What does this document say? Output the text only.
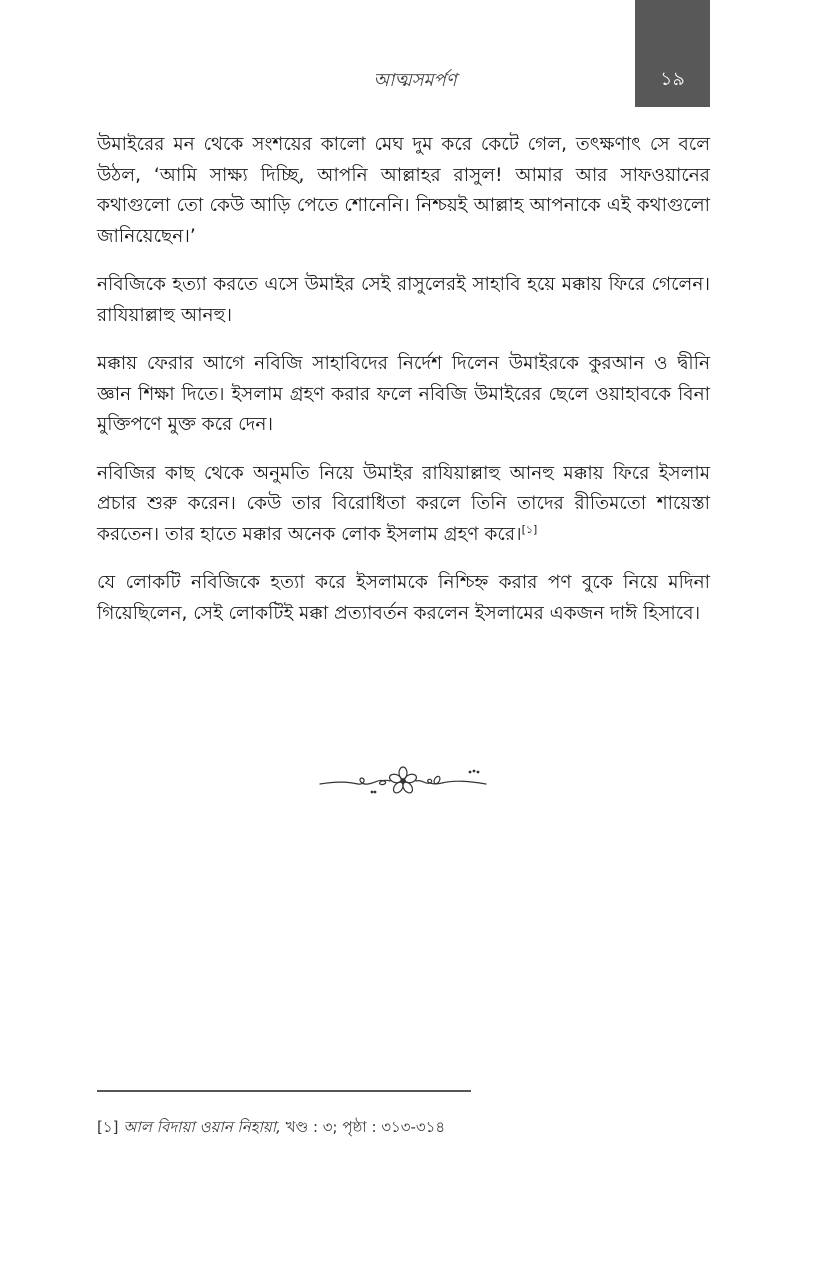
১৯
আত্মসমর্পণ

উমাইরের মন থেকে সংশয়ের কালো মেঘ দুম করে কেটে গেল, তৎক্ষণাৎ সে বলে উঠল, ‘আমি সাক্ষ্য দিচ্ছি, আপনি আল্লাহর রাসুল! আমার আর সাফওয়ানের কথাগুলো তো কেউ আড়ি পেতে শোনেনি। নিশ্চয়ই আল্লাহ আপনাকে এই কথাগুলো জানিয়েছেন।’

নবিজিকে হত্যা করতে এসে উমাইর সেই রাসুলেরই সাহাবি হয়ে মক্কায় ফিরে গেলেন। রাযিয়াল্লাহু আনহু।

মক্কায় ফেরার আগে নবিজি সাহাবিদের নির্দেশ দিলেন উমাইরকে কুরআন ও দ্বীনি জ্ঞান শিক্ষা দিতে। ইসলাম গ্রহণ করার ফলে নবিজি উমাইরের ছেলে ওয়াহাবকে বিনা মুক্তিপণে মুক্ত করে দেন।

নবিজির কাছ থেকে অনুমতি নিয়ে উমাইর রাযিয়াল্লাহু আনহু মক্কায় ফিরে ইসলাম প্রচার শুরু করেন। কেউ তার বিরোধিতা করলে তিনি তাদের রীতিমতো শায়েস্তা করতেন। তার হাতে মক্কার অনেক লোক ইসলাম গ্রহণ করে।[১]

যে লোকটি নবিজিকে হত্যা করে ইসলামকে নিশ্চিহ্ন করার পণ বুকে নিয়ে মদিনা গিয়েছিলেন, সেই লোকটিই মক্কা প্রত্যাবর্তন করলেন ইসলামের একজন দাঈ হিসাবে।

[১] আল বিদায়া ওয়ান নিহায়া, খণ্ড : ৩; পৃষ্ঠা : ৩১৩-৩১৪
